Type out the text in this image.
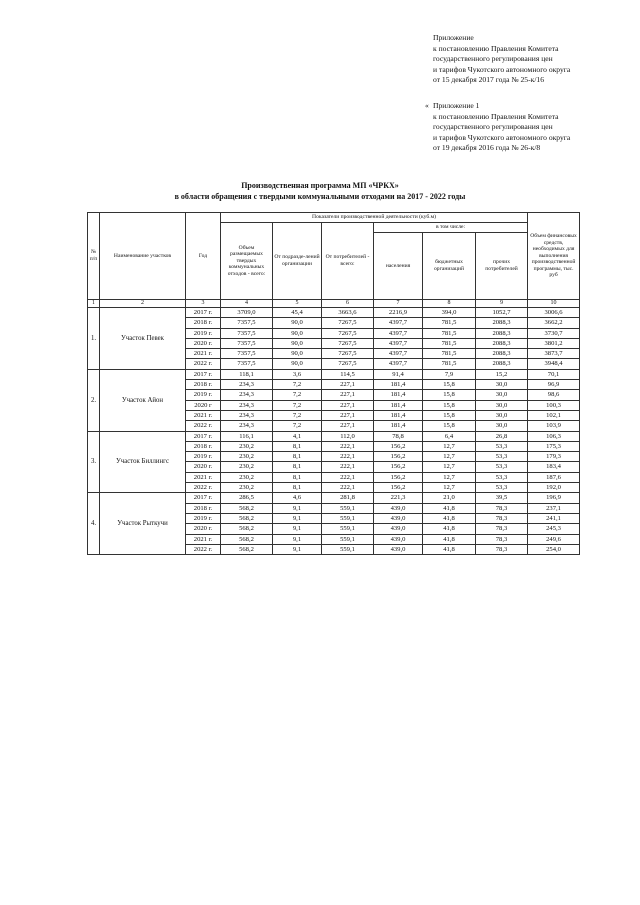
Приложение
к постановлению Правления Комитета
государственного регулирования цен
и тарифов Чукотского автономного округа
от 15 декабря 2017 года № 25-к/16
« Приложение 1
к постановлению Правления Комитета
государственного регулирования цен
и тарифов Чукотского автономного округа
от 19 декабря 2016 года № 26-к/8
Производственная программа МП «ЧРКХ»
в области обращения с твердыми коммунальными отходами на 2017 - 2022 годы
№ п/п	Наименование участков	Год	Показатели производственной деятельности (куб.м)						Объем финансовых средств, необходимых для выполнения производственной программы, тыс. руб
			Объем размещаемых твердых коммунальных отходов - всего:	От подразде-лений организации	От потребителей - всего:	в том числе:			
						населения	бюджетных организаций	прочих потребителей	
1	2	3	4	5	6	7	8	9	10
1.	Участок Певек	2017 г.	3709,0	45,4	3663,6	2216,9	394,0	1052,7	3006,6
		2018 г.	7357,5	90,0	7267,5	4397,7	781,5	2088,3	3662,2
		2019 г.	7357,5	90,0	7267,5	4397,7	781,5	2088,3	3730,7
		2020 г.	7357,5	90,0	7267,5	4397,7	781,5	2088,3	3801,2
		2021 г.	7357,5	90,0	7267,5	4397,7	781,5	2088,3	3873,7
		2022 г.	7357,5	90,0	7267,5	4397,7	781,5	2088,3	3948,4
2.	Участок Айон	2017 г.	118,1	3,6	114,5	91,4	7,9	15,2	70,1
		2018 г.	234,3	7,2	227,1	181,4	15,8	30,0	96,9
		2019 г.	234,3	7,2	227,1	181,4	15,8	30,0	98,6
		2020 г	234,3	7,2	227,1	181,4	15,8	30,0	100,3
		2021 г.	234,3	7,2	227,1	181,4	15,8	30,0	102,1
		2022 г.	234,3	7,2	227,1	181,4	15,8	30,0	103,9
3.	Участок Биллингс	2017 г.	116,1	4,1	112,0	78,8	6,4	26,8	106,3
		2018 г.	230,2	8,1	222,1	156,2	12,7	53,3	175,3
		2019 г.	230,2	8,1	222,1	156,2	12,7	53,3	179,3
		2020 г.	230,2	8,1	222,1	156,2	12,7	53,3	183,4
		2021 г.	230,2	8,1	222,1	156,2	12,7	53,3	187,6
		2022 г.	230,2	8,1	222,1	156,2	12,7	53,3	192,0
4.	Участок Рыткучи	2017 г.	286,5	4,6	281,8	221,3	21,0	39,5	196,9
		2018 г.	568,2	9,1	559,1	439,0	41,8	78,3	237,1
		2019 г.	568,2	9,1	559,1	439,0	41,8	78,3	241,1
		2020 г.	568,2	9,1	559,1	439,0	41,8	78,3	245,3
		2021 г.	568,2	9,1	559,1	439,0	41,8	78,3	249,6
		2022 г.	568,2	9,1	559,1	439,0	41,8	78,3	254,0
